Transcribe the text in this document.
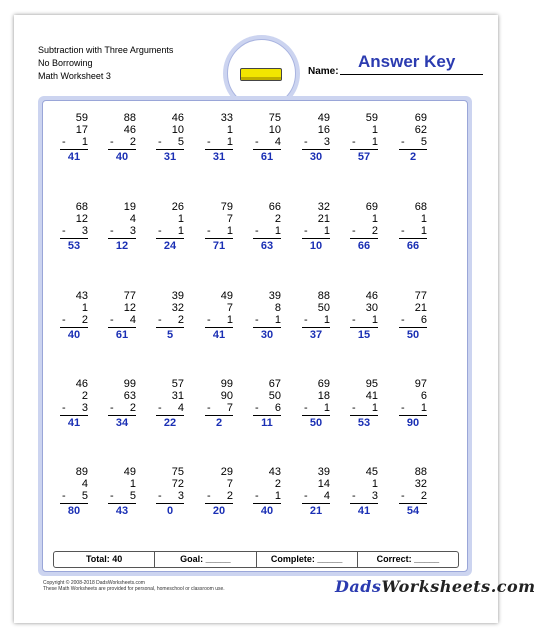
Subtraction with Three Arguments
No Borrowing
Math Worksheet 3	Name:
Answer Key
59
17
- 1
41
88
46
- 2
40
46
10
- 5
31
33
1
- 1
31
75
10
- 4
61
49
16
- 3
30
59
1
- 1
57
69
62
- 5
2
68
12
- 3
53
19
4
- 3
12
26
1
- 1
24
79
7
- 1
71
66
2
- 1
63
32
21
- 1
10
69
1
- 2
66
68
1
- 1
66
43
1
- 2
40
77
12
- 4
61
39
32
- 2
5
49
7
- 1
41
39
8
- 1
30
88
50
- 1
37
46
30
- 1
15
77
21
- 6
50
46
2
- 3
41
99
63
- 2
34
57
31
- 4
22
99
90
- 7
2
67
50
- 6
11
69
18
- 1
50
95
41
- 1
53
97
6
- 1
90
89
4
- 5
80
49
1
- 5
43
75
72
- 3
0
29
7
- 2
20
43
2
- 1
40
39
14
- 4
21
45
1
- 3
41
88
32
- 2
54
Total: 40	Goal: _____	Complete: _____	Correct: _____
Copyright © 2008-2018 DadsWorksheets.com
These Math Worksheets are provided for personal, homeschool or classroom use.	DadsWorksheets.com
